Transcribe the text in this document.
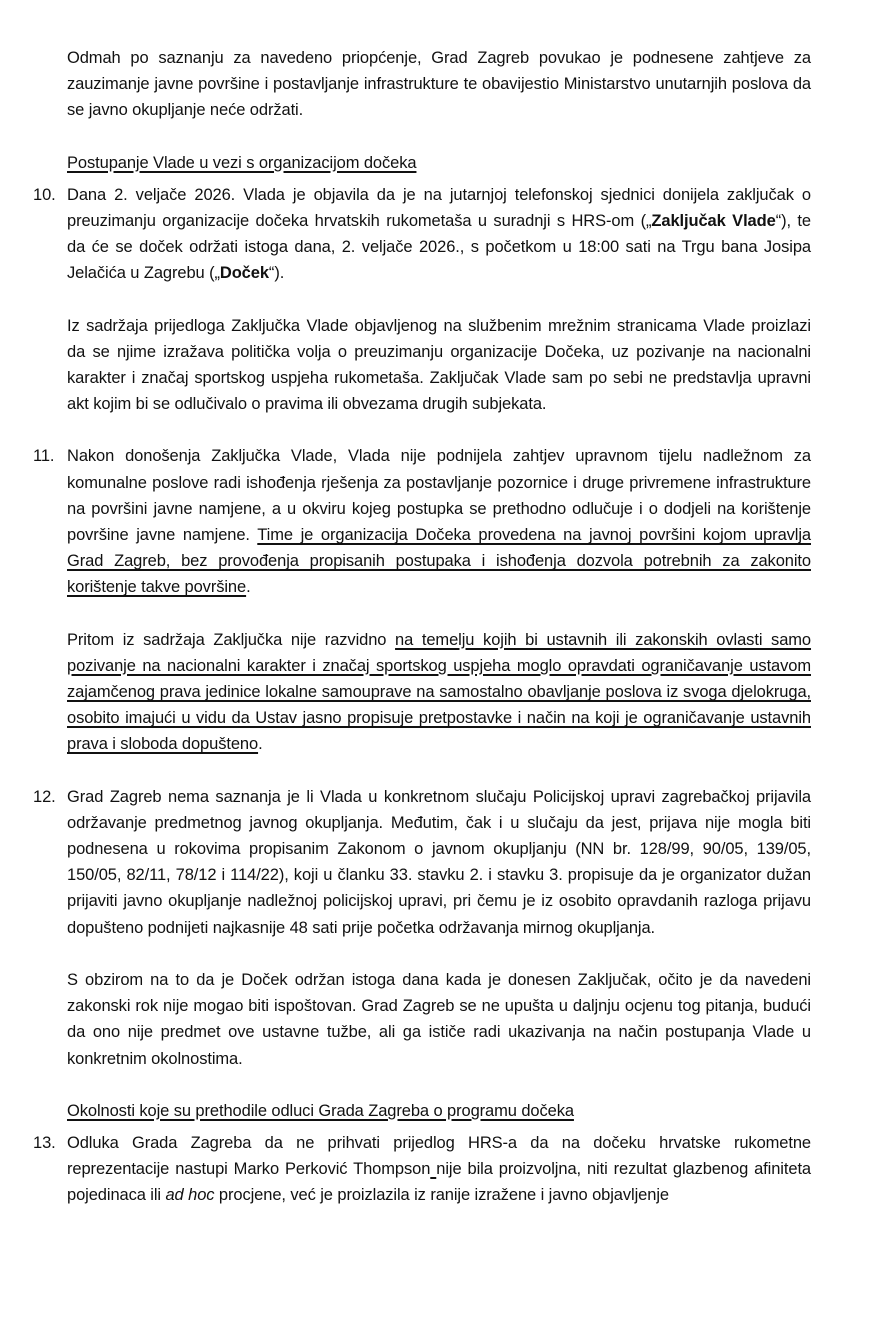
Odmah po saznanju za navedeno priopćenje, Grad Zagreb povukao je podnesene zahtjeve za zauzimanje javne površine i postavljanje infrastrukture te obavijestio Ministarstvo unutarnjih poslova da se javno okupljanje neće održati.

Postupanje Vlade u vezi s organizacijom dočeka
10. Dana 2. veljače 2026. Vlada je objavila da je na jutarnjoj telefonskoj sjednici donijela zaključak o preuzimanju organizacije dočeka hrvatskih rukometaša u suradnji s HRS-om („Zaključak Vlade“), te da će se doček održati istoga dana, 2. veljače 2026., s početkom u 18:00 sati na Trgu bana Josipa Jelačića u Zagrebu („Doček“).

Iz sadržaja prijedloga Zaključka Vlade objavljenog na službenim mrežnim stranicama Vlade proizlazi da se njime izražava politička volja o preuzimanju organizacije Dočeka, uz pozivanje na nacionalni karakter i značaj sportskog uspjeha rukometaša. Zaključak Vlade sam po sebi ne predstavlja upravni akt kojim bi se odlučivalo o pravima ili obvezama drugih subjekata.

11. Nakon donošenja Zaključka Vlade, Vlada nije podnijela zahtjev upravnom tijelu nadležnom za komunalne poslove radi ishođenja rješenja za postavljanje pozornice i druge privremene infrastrukture na površini javne namjene, a u okviru kojeg postupka se prethodno odlučuje i o dodjeli na korištenje površine javne namjene. Time je organizacija Dočeka provedena na javnoj površini kojom upravlja Grad Zagreb, bez provođenja propisanih postupaka i ishođenja dozvola potrebnih za zakonito korištenje takve površine.

Pritom iz sadržaja Zaključka nije razvidno na temelju kojih bi ustavnih ili zakonskih ovlasti samo pozivanje na nacionalni karakter i značaj sportskog uspjeha moglo opravdati ograničavanje ustavom zajamčenog prava jedinice lokalne samouprave na samostalno obavljanje poslova iz svoga djelokruga, osobito imajući u vidu da Ustav jasno propisuje pretpostavke i način na koji je ograničavanje ustavnih prava i sloboda dopušteno.

12. Grad Zagreb nema saznanja je li Vlada u konkretnom slučaju Policijskoj upravi zagrebačkoj prijavila održavanje predmetnog javnog okupljanja. Međutim, čak i u slučaju da jest, prijava nije mogla biti podnesena u rokovima propisanim Zakonom o javnom okupljanju (NN br. 128/99, 90/05, 139/05, 150/05, 82/11, 78/12 i 114/22), koji u članku 33. stavku 2. i stavku 3. propisuje da je organizator dužan prijaviti javno okupljanje nadležnoj policijskoj upravi, pri čemu je iz osobito opravdanih razloga prijavu dopušteno podnijeti najkasnije 48 sati prije početka održavanja mirnog okupljanja.

S obzirom na to da je Doček održan istoga dana kada je donesen Zaključak, očito je da navedeni zakonski rok nije mogao biti ispoštovan. Grad Zagreb se ne upušta u daljnju ocjenu tog pitanja, budući da ono nije predmet ove ustavne tužbe, ali ga ističe radi ukazivanja na način postupanja Vlade u konkretnim okolnostima.

Okolnosti koje su prethodile odluci Grada Zagreba o programu dočeka
13. Odluka Grada Zagreba da ne prihvati prijedlog HRS-a da na dočeku hrvatske rukometne reprezentacije nastupi Marko Perković Thompson nije bila proizvoljna, niti rezultat glazbenog afiniteta pojedinaca ili ad hoc procjene, već je proizlazila iz ranije izražene i javno objavljenje
